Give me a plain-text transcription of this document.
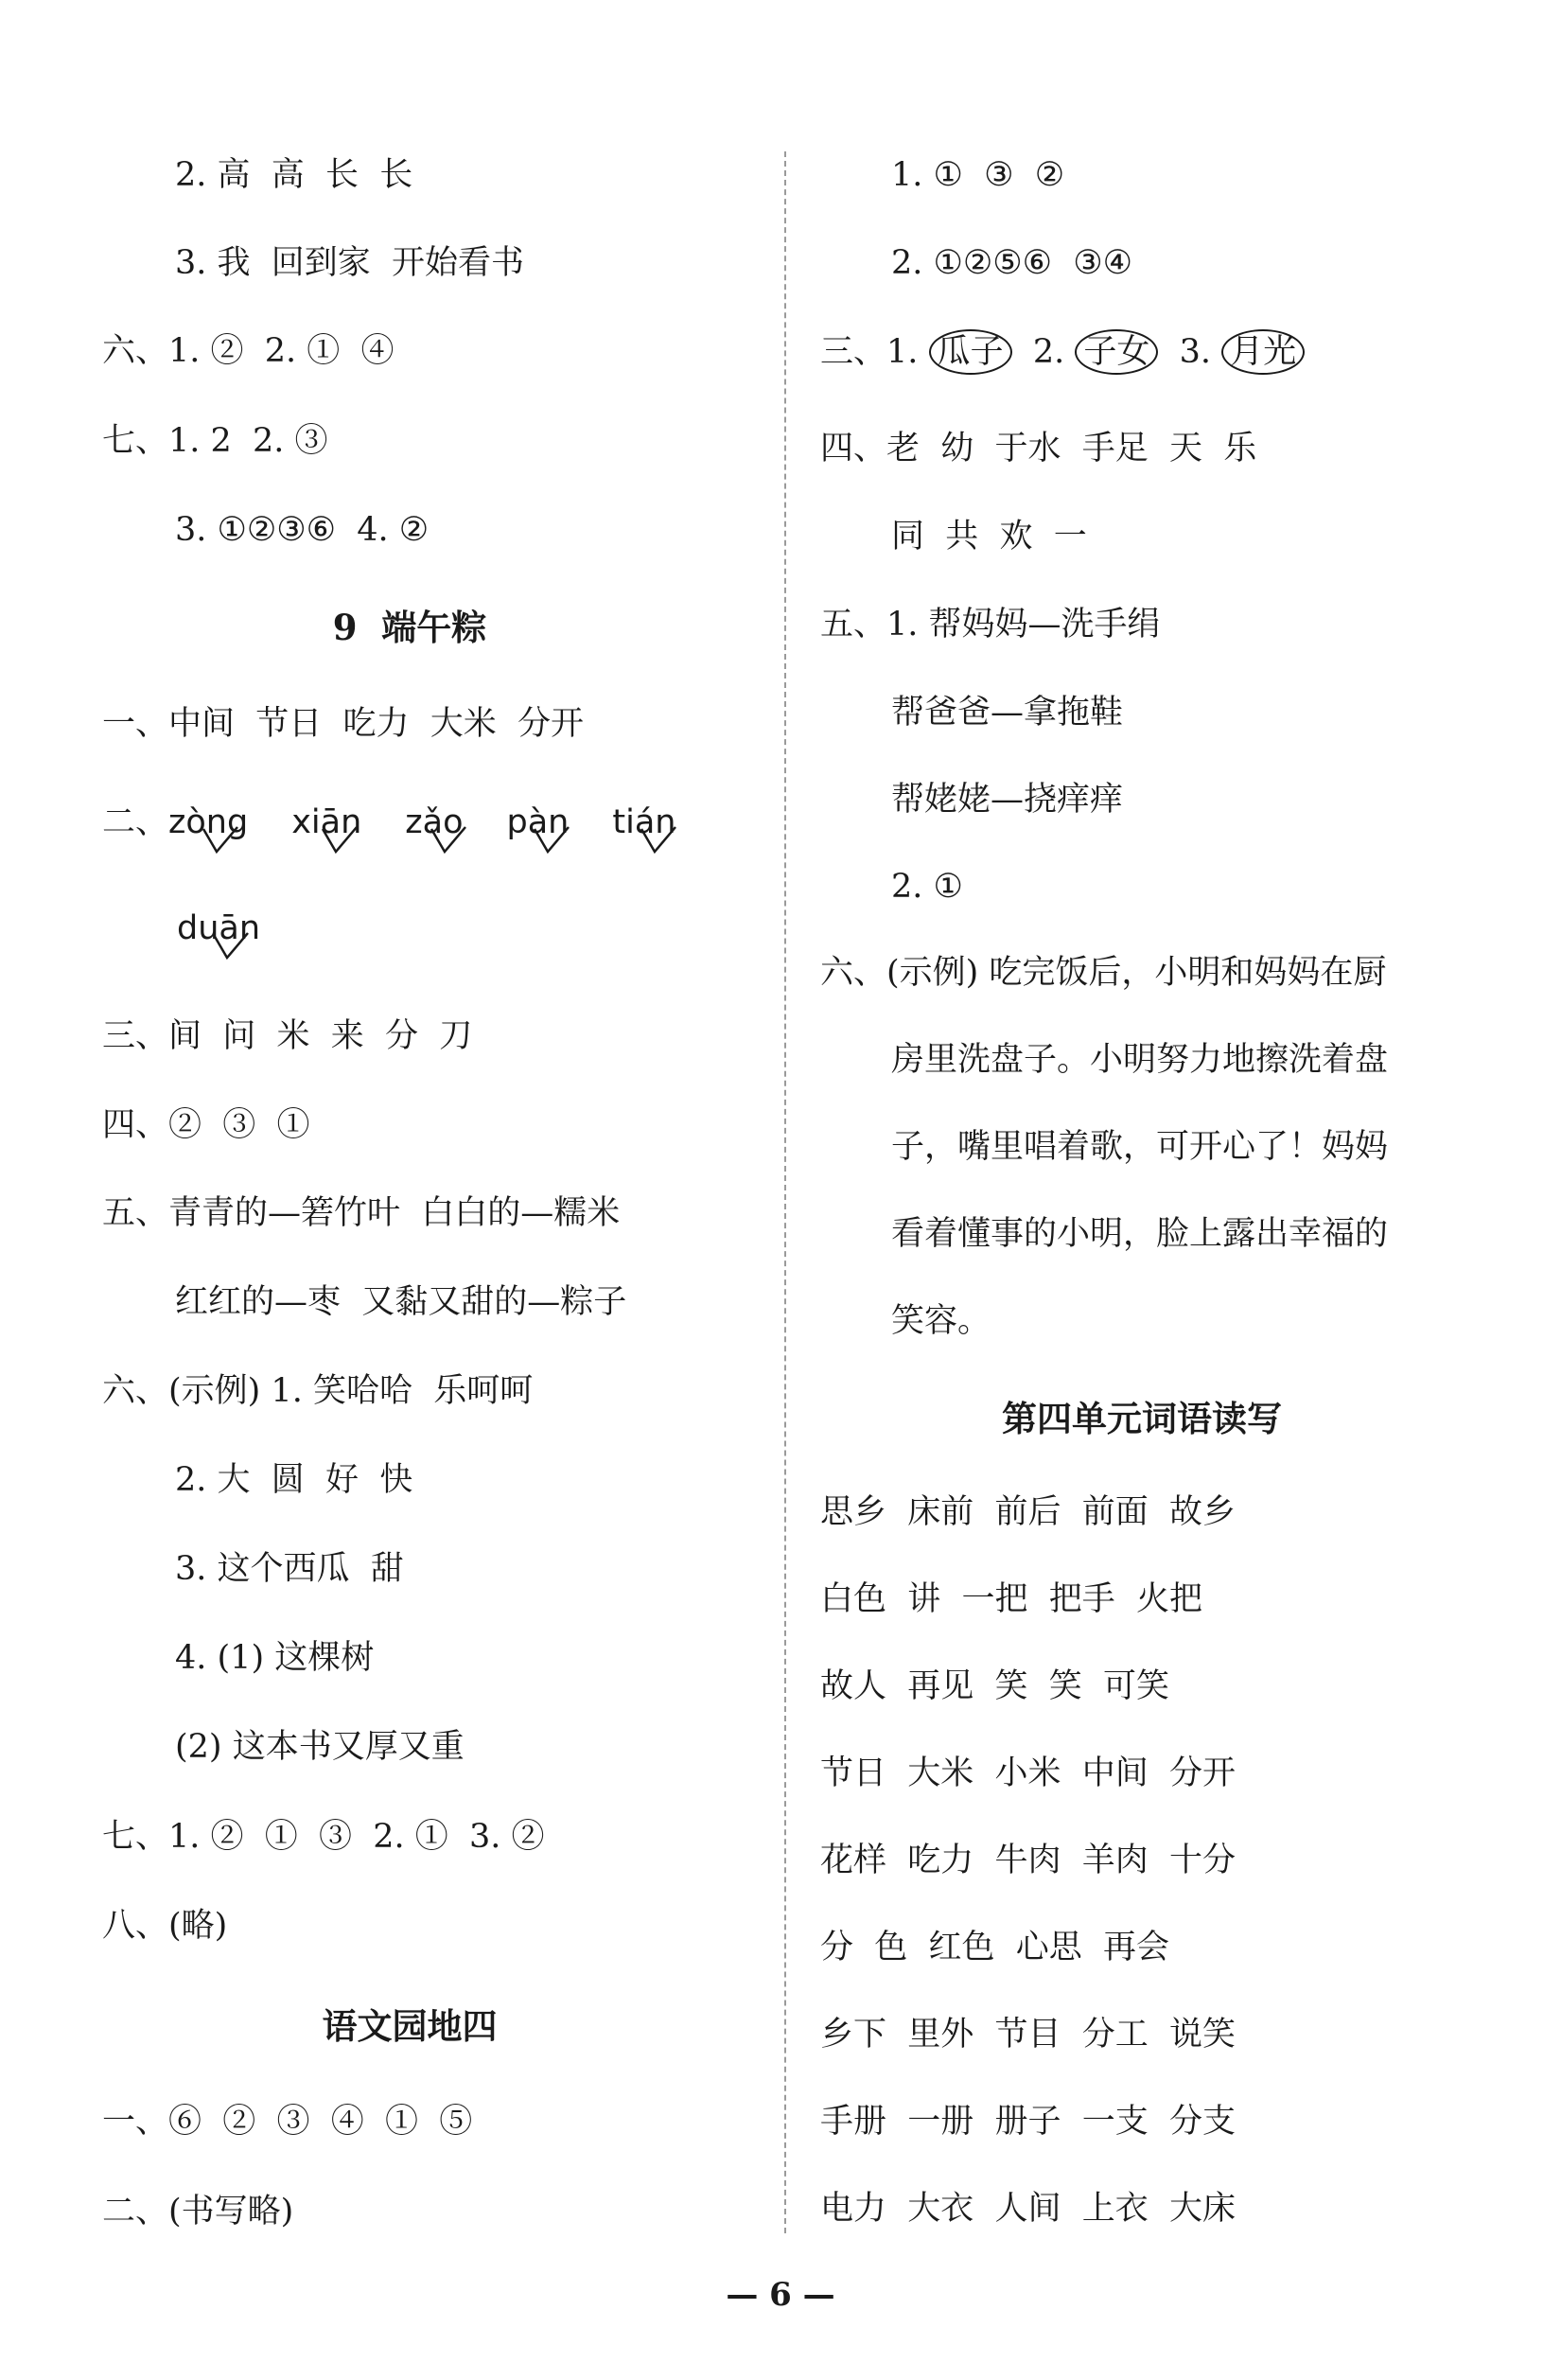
2. 高  高  长  长
3. 我  回到家  开始看书
六、1. ②  2. ①  ④
七、1. 2  2. ③
3. ①②③⑥  4. ②
9  端午粽
一、中间  节日  吃力  大米  分开
二、zòng xiān zǎo pàn tián
duān
三、间  问  米  来  分  刀
四、②  ③  ①
五、青青的—箬竹叶  白白的—糯米
红红的—枣  又黏又甜的—粽子
六、(示例) 1. 笑哈哈  乐呵呵
2. 大  圆  好  快
3. 这个西瓜  甜
4. (1) 这棵树
(2) 这本书又厚又重
七、1. ②  ①  ③  2. ①  3. ②
八、(略)
语文园地四
一、⑥  ②  ③  ④  ①  ⑤
二、(书写略)
1. ①  ③  ②
2. ①②⑤⑥  ③④
三、1. 瓜子 2. 子女 3. 月光
四、老  幼  于水  手足  天  乐
同  共  欢  一
五、1. 帮妈妈—洗手绢
帮爸爸—拿拖鞋
帮姥姥—挠痒痒
2. ①
六、(示例) 吃完饭后，小明和妈妈在厨
房里洗盘子。小明努力地擦洗着盘
子，嘴里唱着歌，可开心了！妈妈
看着懂事的小明，脸上露出幸福的
笑容。
第四单元词语读写
思乡  床前  前后  前面  故乡
白色  讲  一把  把手  火把
故人  再见  笑  笑  可笑
节日  大米  小米  中间  分开
花样  吃力  牛肉  羊肉  十分
分  色  红色  心思  再会
乡下  里外  节目  分工  说笑
手册  一册  册子  一支  分支
电力  大衣  人间  上衣  大床
— 6 —
